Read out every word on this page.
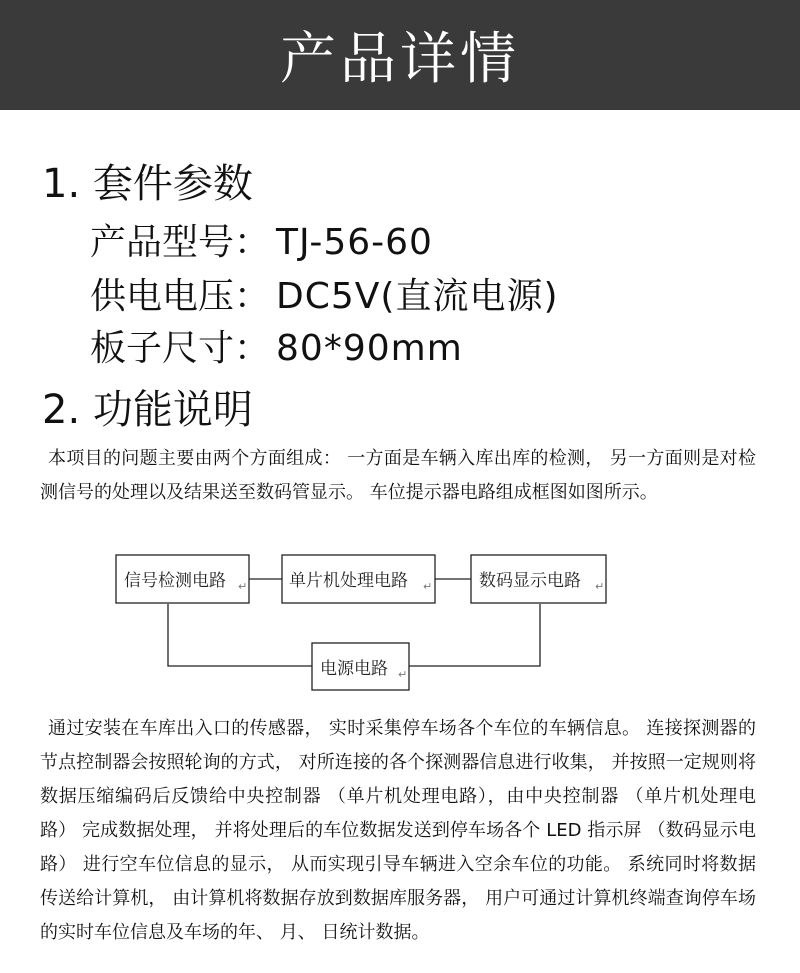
产品详情
1. 套件参数
产品型号： TJ-56-60
供电电压： DC5V(直流电源)
板子尺寸： 80*90mm
2. 功能说明
本项目的问题主要由两个方面组成： 一方面是车辆入库出库的检测， 另一方面则是对检测信号的处理以及结果送至数码管显示。 车位提示器电路组成框图如图所示。
信号检测电路 ↵ 单片机处理电路 ↵	数码显示电路 ↵
电源电路 ↵
通过安装在车库出入口的传感器， 实时采集停车场各个车位的车辆信息。 连接探测器的节点控制器会按照轮询的方式， 对所连接的各个探测器信息进行收集， 并按照一定规则将数据压缩编码后反馈给中央控制器 （单片机处理电路），由中央控制器 （单片机处理电路） 完成数据处理， 并将处理后的车位数据发送到停车场各个 LED 指示屏 （数码显示电路） 进行空车位信息的显示， 从而实现引导车辆进入空余车位的功能。 系统同时将数据传送给计算机， 由计算机将数据存放到数据库服务器， 用户可通过计算机终端查询停车场的实时车位信息及车场的年、 月、 日统计数据。
